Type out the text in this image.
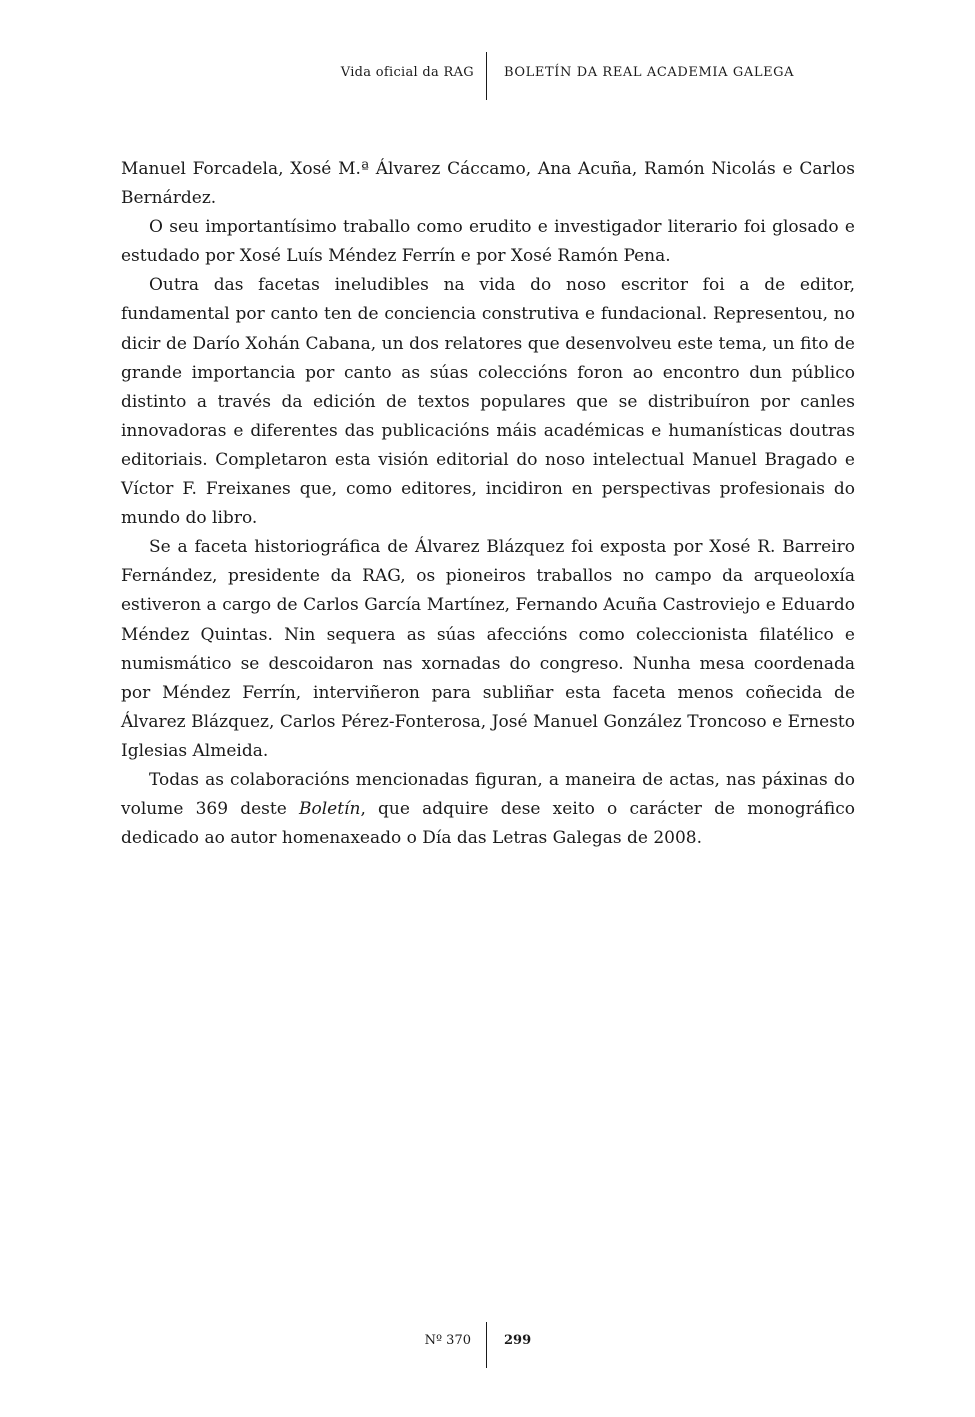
Vida oficial da RAG BOLETÍN DA REAL ACADEMIA GALEGA

Manuel Forcadela, Xosé M.ª Álvarez Cáccamo, Ana Acuña, Ramón Nicolás e Carlos Bernárdez.

O seu importantísimo traballo como erudito e investigador literario foi glosado e estudado por Xosé Luís Méndez Ferrín e por Xosé Ramón Pena.

Outra das facetas ineludibles na vida do noso escritor foi a de editor, fundamental por canto ten de conciencia construtiva e fundacional. Representou, no dicir de Darío Xohán Cabana, un dos relatores que desenvolveu este tema, un fito de grande importancia por canto as súas coleccións foron ao encontro dun público distinto a través da edición de textos populares que se distribuíron por canles innovadoras e diferentes das publicacións máis académicas e humanísticas doutras editoriais. Completaron esta visión editorial do noso intelectual Manuel Bragado e Víctor F. Freixanes que, como editores, incidiron en perspectivas profesionais do mundo do libro.

Se a faceta historiográfica de Álvarez Blázquez foi exposta por Xosé R. Barreiro Fernández, presidente da RAG, os pioneiros traballos no campo da arqueoloxía estiveron a cargo de Carlos García Martínez, Fernando Acuña Castroviejo e Eduardo Méndez Quintas. Nin sequera as súas afeccións como coleccionista filatélico e numismático se descoidaron nas xornadas do congreso. Nunha mesa coordenada por Méndez Ferrín, interviñeron para subliñar esta faceta menos coñecida de Álvarez Blázquez, Carlos Pérez-Fonterosa, José Manuel González Troncoso e Ernesto Iglesias Almeida.

Todas as colaboracións mencionadas figuran, a maneira de actas, nas páxinas do volume 369 deste Boletín, que adquire dese xeito o carácter de monográfico dedicado ao autor homenaxeado o Día das Letras Galegas de 2008.

Nº 370	299
